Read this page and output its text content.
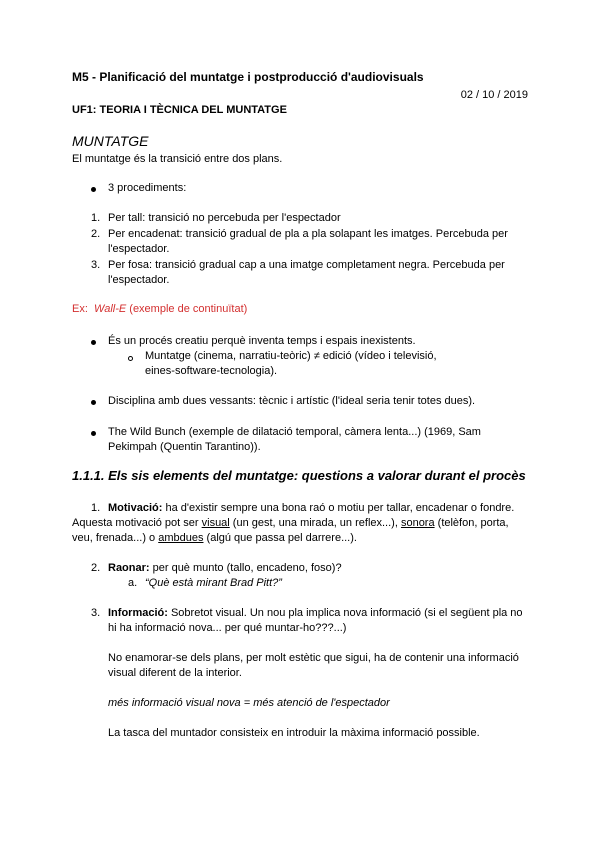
M5 - Planificació del muntatge i postproducció d'audiovisuals
02 / 10 / 2019
UF1: TEORIA I TÈCNICA DEL MUNTATGE
MUNTATGE
El muntatge és la transició entre dos plans.
3 procediments:
1. Per tall: transició no percebuda per l'espectador
2. Per encadenat: transició gradual de pla a pla solapant les imatges. Percebuda per
l'espectador.
3. Per fosa: transició gradual cap a una imatge completament negra. Percebuda per
l'espectador.
Ex:  Wall-E (exemple de continuïtat)
És un procés creatiu perquè inventa temps i espais inexistents.
Muntatge (cinema, narratiu-teòric) ≠ edició (vídeo i televisió,
eines-software-tecnologia).
Disciplina amb dues vessants: tècnic i artístic (l'ideal seria tenir totes dues).
The Wild Bunch (exemple de dilatació temporal, càmera lenta...) (1969, Sam
Pekimpah (Quentin Tarantino)).
1.1.1. Els sis elements del muntatge: questions a valorar durant el procès
1. Motivació: ha d'existir sempre una bona raó o motiu per tallar, encadenar o fondre.
Aquesta motivació pot ser visual (un gest, una mirada, un reflex...), sonora (telèfon, porta,
veu, frenada...) o ambdues (algú que passa pel darrere...).
2. Raonar: per què munto (tallo, encadeno, foso)?
a. “Què està mirant Brad Pitt?”
3. Informació: Sobretot visual. Un nou pla implica nova informació (si el següent pla no
hi ha informació nova... per qué muntar-ho???...)
No enamorar-se dels plans, per molt estètic que sigui, ha de contenir una informació
visual diferent de la interior.
més informació visual nova = més atenció de l'espectador
La tasca del muntador consisteix en introduir la màxima informació possible.
